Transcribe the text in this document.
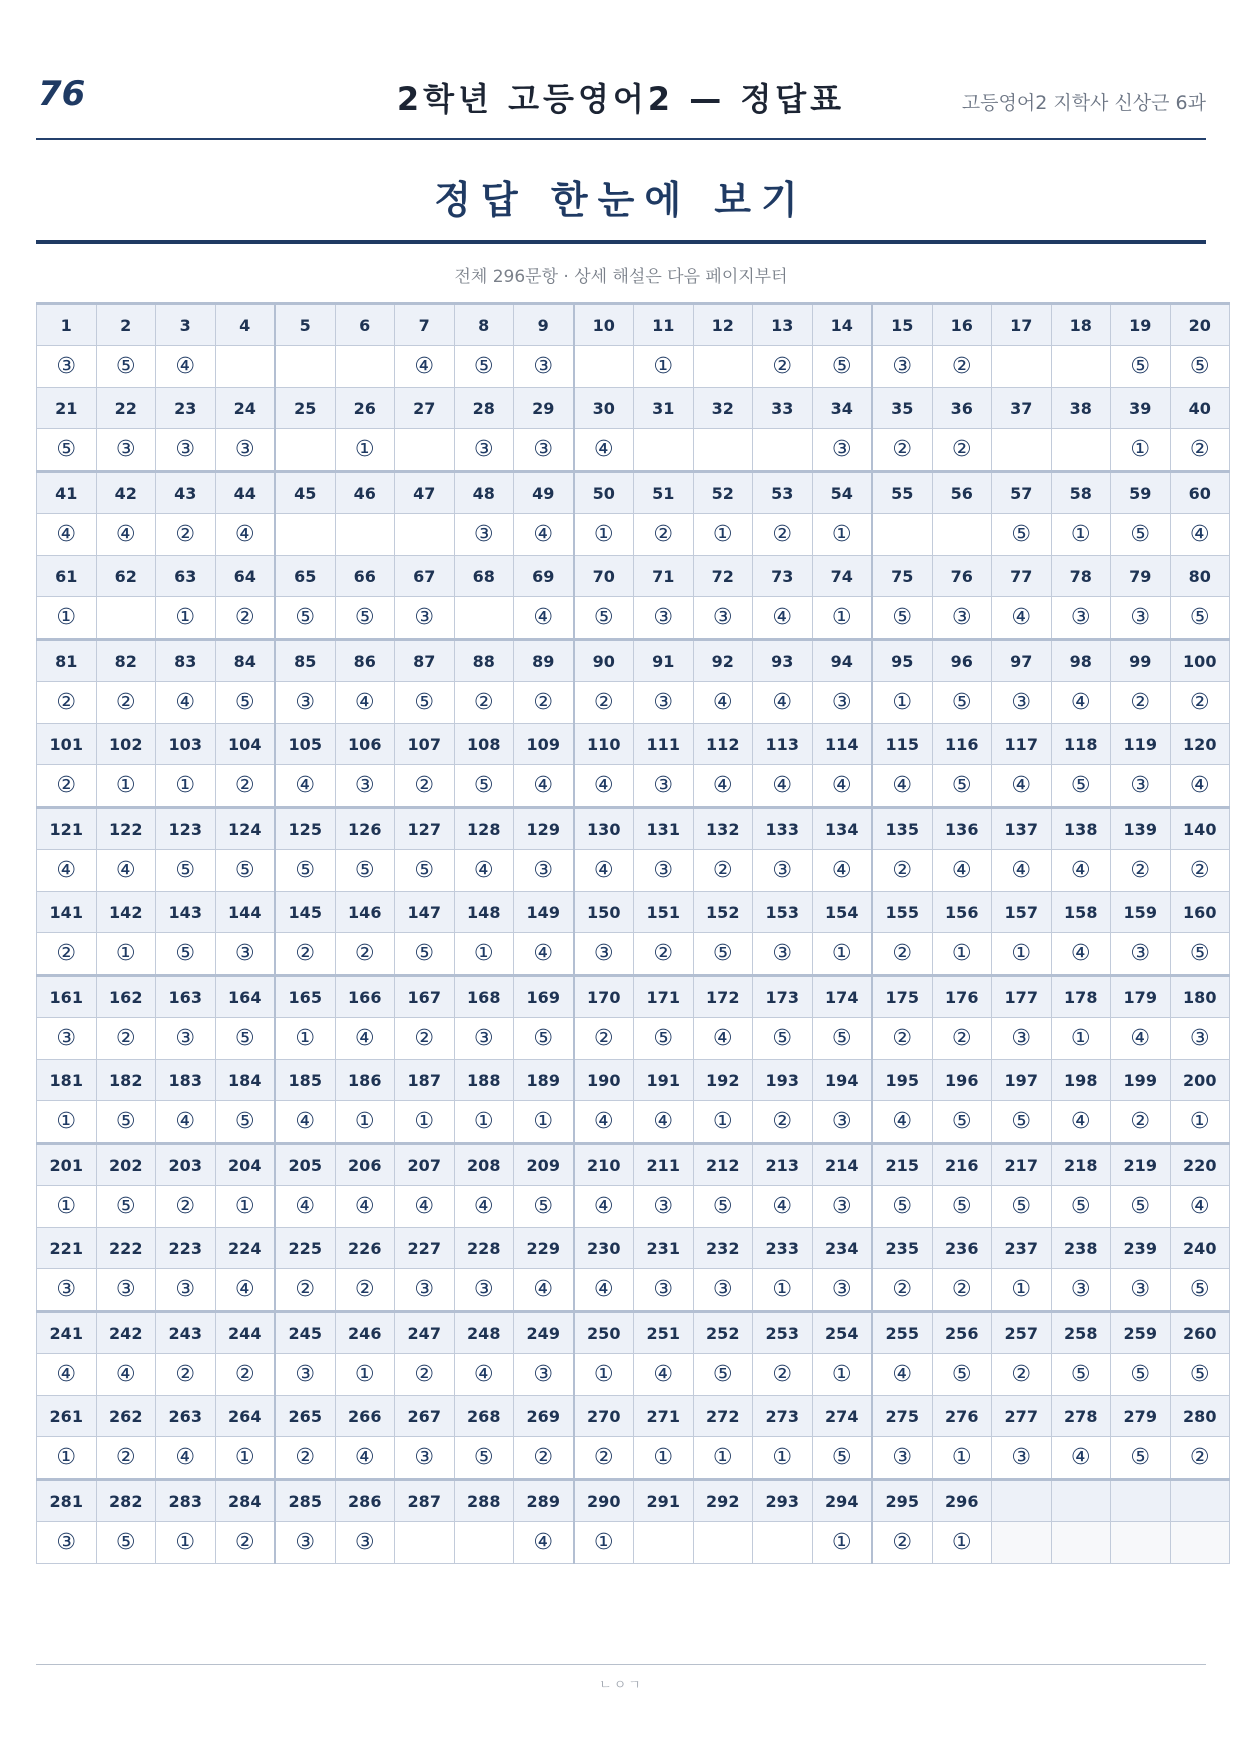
76	2학년 고등영어2 — 정답표	고등영어2 지학사 신상근 6과
정답 한눈에 보기
전체 296문항 · 상세 해설은 다음 페이지부터
1	2	3	4	5	6	7	8	9	10	11	12	13	14	15	16	17	18	19	20
③	⑤	④				④	⑤	③		①		②	⑤	③	②			⑤	⑤
21	22	23	24	25	26	27	28	29	30	31	32	33	34	35	36	37	38	39	40
⑤	③	③	③		①		③	③	④				③	②	②			①	②
41	42	43	44	45	46	47	48	49	50	51	52	53	54	55	56	57	58	59	60
④	④	②	④				③	④	①	②	①	②	①			⑤	①	⑤	④
61	62	63	64	65	66	67	68	69	70	71	72	73	74	75	76	77	78	79	80
①		①	②	⑤	⑤	③		④	⑤	③	③	④	①	⑤	③	④	③	③	⑤
81	82	83	84	85	86	87	88	89	90	91	92	93	94	95	96	97	98	99	100
②	②	④	⑤	③	④	⑤	②	②	②	③	④	④	③	①	⑤	③	④	②	②
101	102	103	104	105	106	107	108	109	110	111	112	113	114	115	116	117	118	119	120
②	①	①	②	④	③	②	⑤	④	④	③	④	④	④	④	⑤	④	⑤	③	④
121	122	123	124	125	126	127	128	129	130	131	132	133	134	135	136	137	138	139	140
④	④	⑤	⑤	⑤	⑤	⑤	④	③	④	③	②	③	④	②	④	④	④	②	②
141	142	143	144	145	146	147	148	149	150	151	152	153	154	155	156	157	158	159	160
②	①	⑤	③	②	②	⑤	①	④	③	②	⑤	③	①	②	①	①	④	③	⑤
161	162	163	164	165	166	167	168	169	170	171	172	173	174	175	176	177	178	179	180
③	②	③	⑤	①	④	②	③	⑤	②	⑤	④	⑤	⑤	②	②	③	①	④	③
181	182	183	184	185	186	187	188	189	190	191	192	193	194	195	196	197	198	199	200
①	⑤	④	⑤	④	①	①	①	①	④	④	①	②	③	④	⑤	⑤	④	②	①
201	202	203	204	205	206	207	208	209	210	211	212	213	214	215	216	217	218	219	220
①	⑤	②	①	④	④	④	④	⑤	④	③	⑤	④	③	⑤	⑤	⑤	⑤	⑤	④
221	222	223	224	225	226	227	228	229	230	231	232	233	234	235	236	237	238	239	240
③	③	③	④	②	②	③	③	④	④	③	③	①	③	②	②	①	③	③	⑤
241	242	243	244	245	246	247	248	249	250	251	252	253	254	255	256	257	258	259	260
④	④	②	②	③	①	②	④	③	①	④	⑤	②	①	④	⑤	②	⑤	⑤	⑤
261	262	263	264	265	266	267	268	269	270	271	272	273	274	275	276	277	278	279	280
①	②	④	①	②	④	③	⑤	②	②	①	①	①	⑤	③	①	③	④	⑤	②
281	282	283	284	285	286	287	288	289	290	291	292	293	294	295	296				
③	⑤	①	②	③	③			④	①				①	②	①				
ㄴㅇㄱ
